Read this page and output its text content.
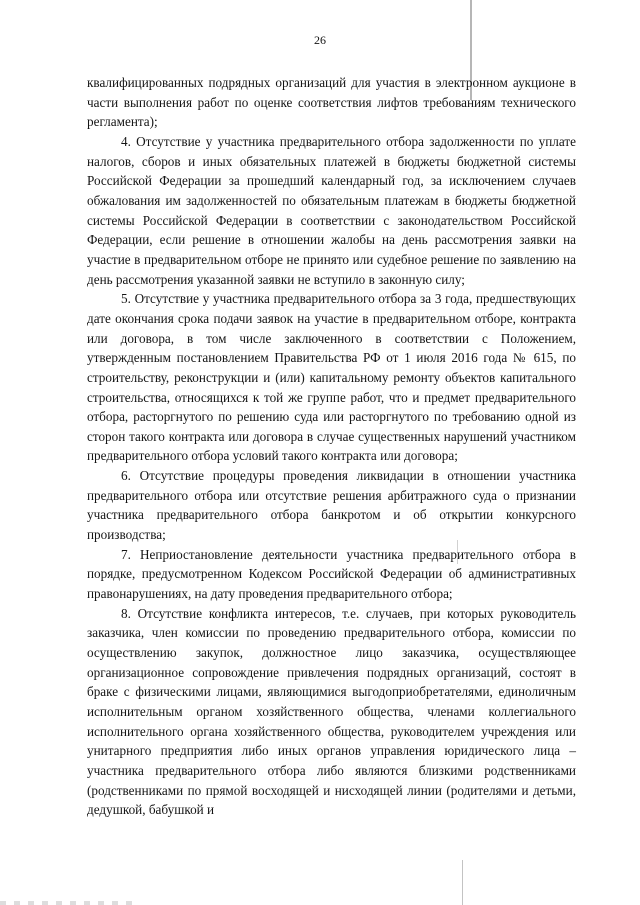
26

квалифицированных подрядных организаций для участия в электронном аукционе в части выполнения работ по оценке соответствия лифтов требованиям технического регламента);

4. Отсутствие у участника предварительного отбора задолженности по уплате налогов, сборов и иных обязательных платежей в бюджеты бюджетной системы Российской Федерации за прошедший календарный год, за исключением случаев обжалования им задолженностей по обязательным платежам в бюджеты бюджетной системы Российской Федерации в соответствии с законодательством Российской Федерации, если решение в отношении жалобы на день рассмотрения заявки на участие в предварительном отборе не принято или судебное решение по заявлению на день рассмотрения указанной заявки не вступило в законную силу;

5. Отсутствие у участника предварительного отбора за 3 года, предшествующих дате окончания срока подачи заявок на участие в предварительном отборе, контракта или договора, в том числе заключенного в соответствии с Положением, утвержденным постановлением Правительства РФ от 1 июля 2016 года № 615, по строительству, реконструкции и (или) капитальному ремонту объектов капитального строительства, относящихся к той же группе работ, что и предмет предварительного отбора, расторгнутого по решению суда или расторгнутого по требованию одной из сторон такого контракта или договора в случае существенных нарушений участником предварительного отбора условий такого контракта или договора;

6. Отсутствие процедуры проведения ликвидации в отношении участника предварительного отбора или отсутствие решения арбитражного суда о признании участника предварительного отбора банкротом и об открытии конкурсного производства;

7. Неприостановление деятельности участника предварительного отбора в порядке, предусмотренном Кодексом Российской Федерации об административных правонарушениях, на дату проведения предварительного отбора;

8. Отсутствие конфликта интересов, т.е. случаев, при которых руководитель заказчика, член комиссии по проведению предварительного отбора, комиссии по осуществлению закупок, должностное лицо заказчика, осуществляющее организационное сопровождение привлечения подрядных организаций, состоят в браке с физическими лицами, являющимися выгодоприобретателями, единоличным исполнительным органом хозяйственного общества, членами коллегиального исполнительного органа хозяйственного общества, руководителем учреждения или унитарного предприятия либо иных органов управления юридического лица – участника предварительного отбора либо являются близкими родственниками (родственниками по прямой восходящей и нисходящей линии (родителями и детьми, дедушкой, бабушкой и
